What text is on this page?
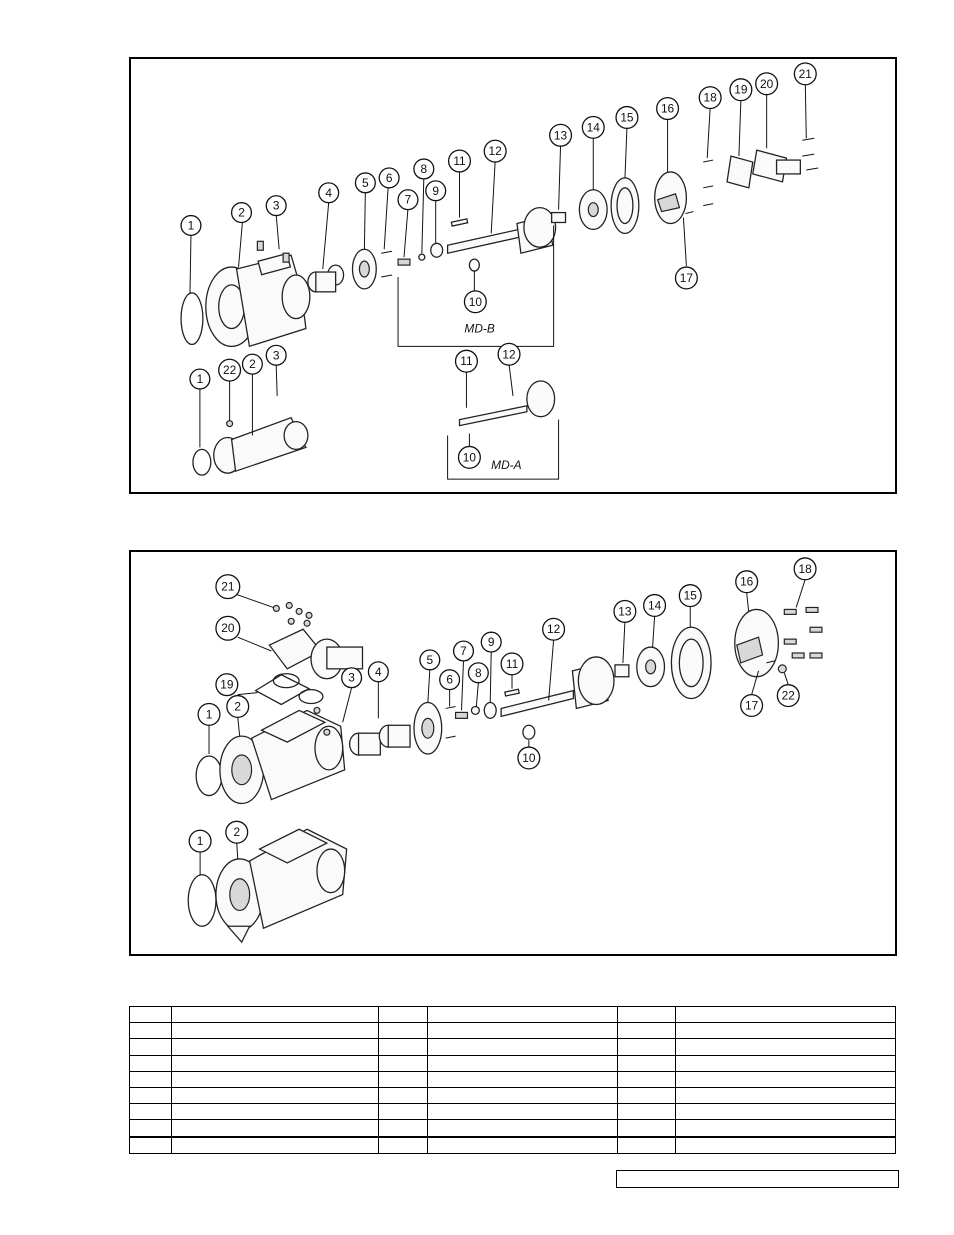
MD-B
MD-A
1
2 3
4
5 6
7
8
9
11
12
10
13
14
15
16
17
18
19 20
21
1
22 2
3	11 12
10
21
20
19	3 4
1
2
5
6
7
8
9
11
12
10
13 14
15
16
17
18
22
1
2
